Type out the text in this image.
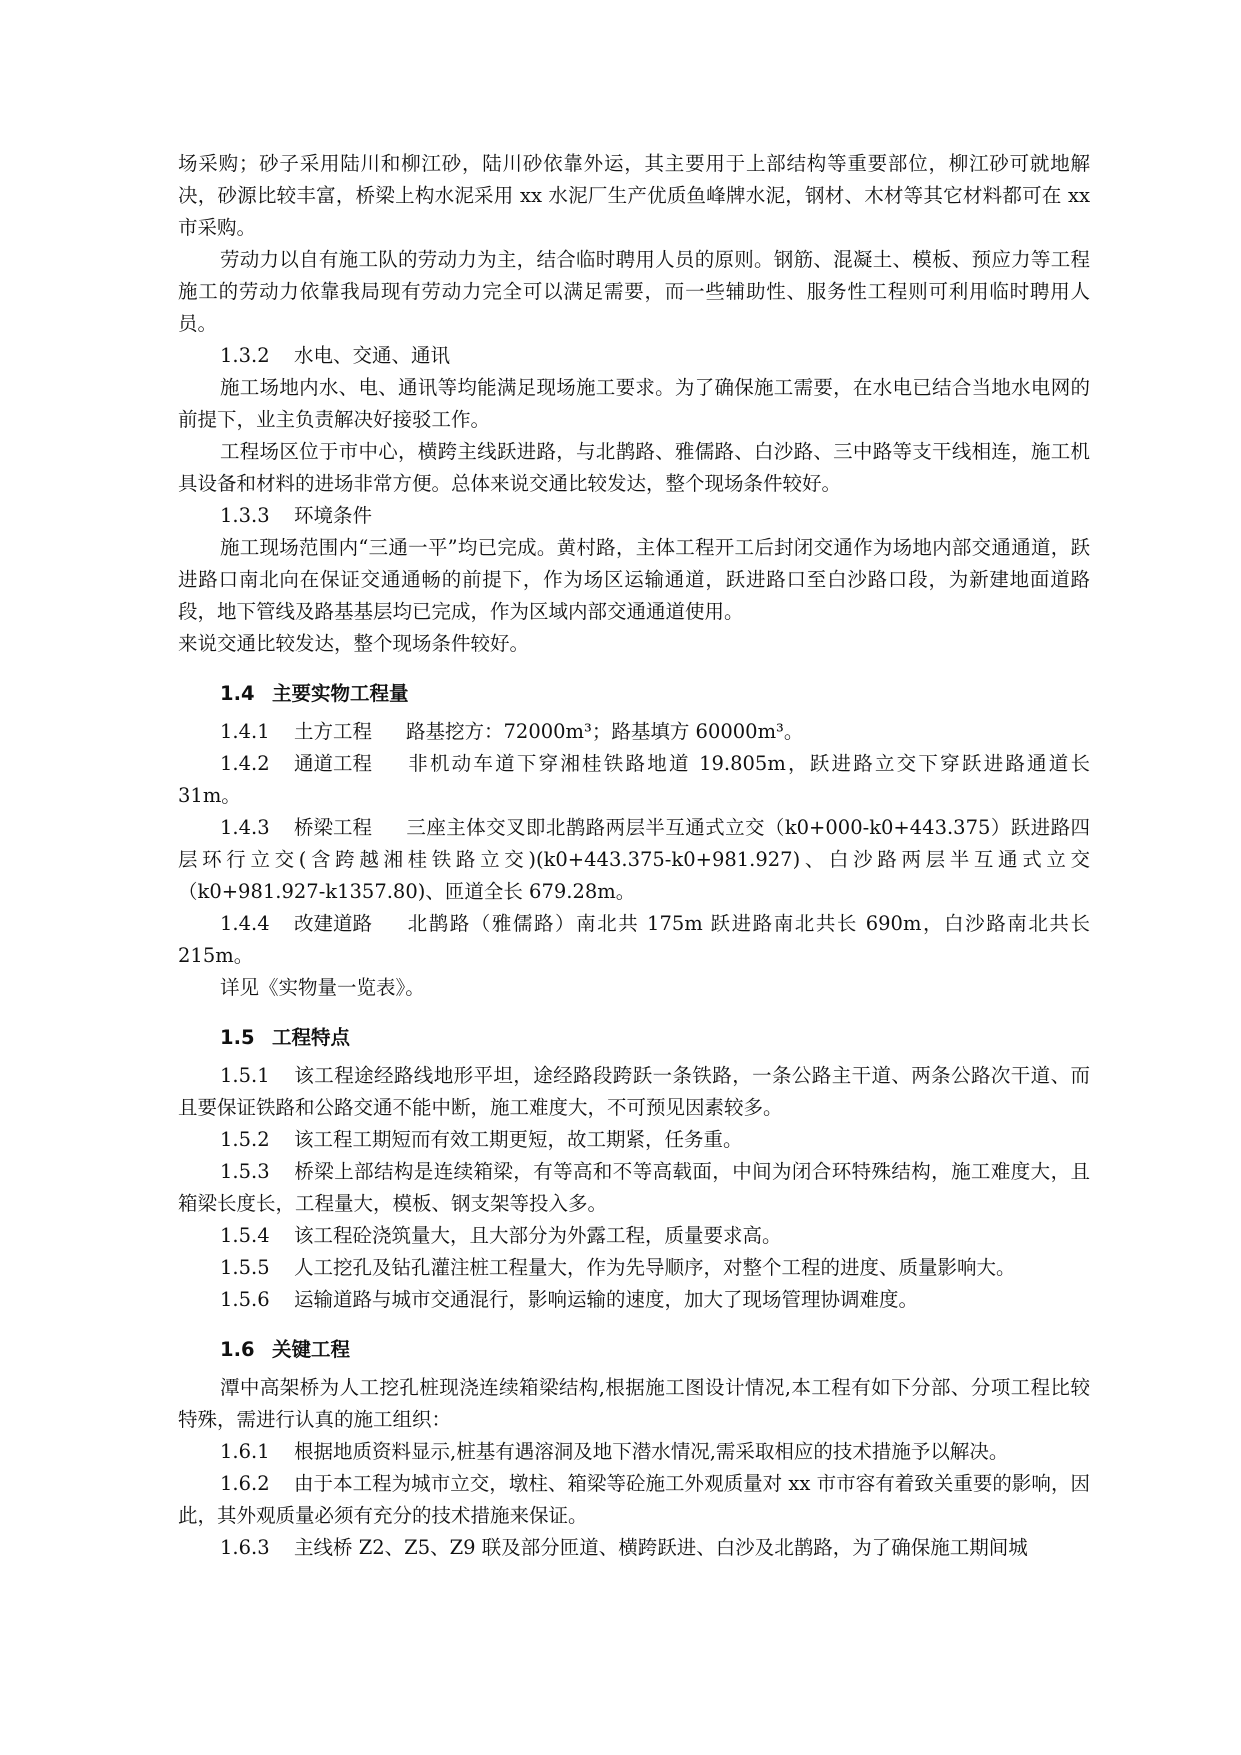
场采购；砂子采用陆川和柳江砂，陆川砂依靠外运，其主要用于上部结构等重要部位，柳江砂可就地解决，砂源比较丰富，桥梁上构水泥采用 xx 水泥厂生产优质鱼峰牌水泥，钢材、木材等其它材料都可在 xx 市采购。

劳动力以自有施工队的劳动力为主，结合临时聘用人员的原则。钢筋、混凝土、模板、预应力等工程施工的劳动力依靠我局现有劳动力完全可以满足需要，而一些辅助性、服务性工程则可利用临时聘用人员。

1.3.2 水电、交通、通讯

施工场地内水、电、通讯等均能满足现场施工要求。为了确保施工需要，在水电已结合当地水电网的前提下，业主负责解决好接驳工作。

工程场区位于市中心，横跨主线跃进路，与北鹊路、雅儒路、白沙路、三中路等支干线相连，施工机具设备和材料的进场非常方便。总体来说交通比较发达，整个现场条件较好。

1.3.3 环境条件

施工现场范围内“三通一平”均已完成。黄村路，主体工程开工后封闭交通作为场地内部交通通道，跃进路口南北向在保证交通通畅的前提下，作为场区运输通道，跃进路口至白沙路口段，为新建地面道路段，地下管线及路基基层均已完成，作为区域内部交通通道使用。

来说交通比较发达，整个现场条件较好。

1.4 主要实物工程量

1.4.1 土方工程 路基挖方：72000m³；路基填方 60000m³。

1.4.2 通道工程 非机动车道下穿湘桂铁路地道 19.805m，跃进路立交下穿跃进路通道长 31m。

1.4.3 桥梁工程 三座主体交叉即北鹊路两层半互通式立交（k0+000-k0+443.375）跃进路四层环行立交(含跨越湘桂铁路立交)(k0+443.375-k0+981.927)、白沙路两层半互通式立交（k0+981.927-k1357.80)、匝道全长 679.28m。

1.4.4 改建道路 北鹊路（雅儒路）南北共 175m 跃进路南北共长 690m，白沙路南北共长 215m。

详见《实物量一览表》。

1.5 工程特点

1.5.1 该工程途经路线地形平坦，途经路段跨跃一条铁路，一条公路主干道、两条公路次干道、而且要保证铁路和公路交通不能中断，施工难度大，不可预见因素较多。

1.5.2 该工程工期短而有效工期更短，故工期紧，任务重。

1.5.3 桥梁上部结构是连续箱梁，有等高和不等高载面，中间为闭合环特殊结构，施工难度大，且箱梁长度长，工程量大，模板、钢支架等投入多。

1.5.4 该工程砼浇筑量大，且大部分为外露工程，质量要求高。

1.5.5 人工挖孔及钻孔灌注桩工程量大，作为先导顺序，对整个工程的进度、质量影响大。

1.5.6 运输道路与城市交通混行，影响运输的速度，加大了现场管理协调难度。

1.6 关键工程

潭中高架桥为人工挖孔桩现浇连续箱梁结构,根据施工图设计情况,本工程有如下分部、分项工程比较特殊，需进行认真的施工组织：

1.6.1 根据地质资料显示,桩基有遇溶洞及地下潜水情况,需采取相应的技术措施予以解决。

1.6.2 由于本工程为城市立交，墩柱、箱梁等砼施工外观质量对 xx 市市容有着致关重要的影响，因此，其外观质量必须有充分的技术措施来保证。

1.6.3 主线桥 Z2、Z5、Z9 联及部分匝道、横跨跃进、白沙及北鹊路，为了确保施工期间城
